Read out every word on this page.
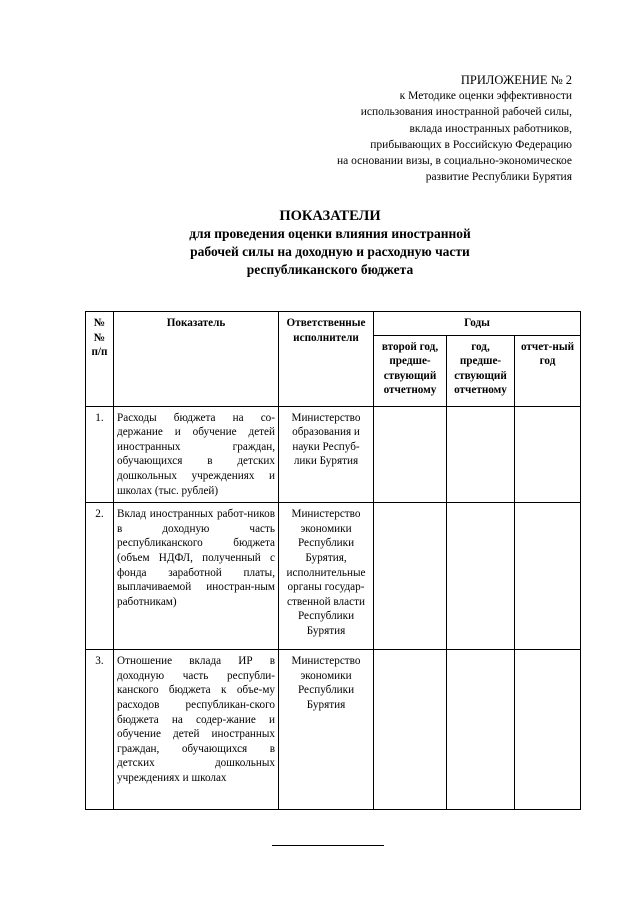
ПРИЛОЖЕНИЕ № 2
к Методике оценки эффективности
использования иностранной рабочей силы,
вклада иностранных работников,
прибывающих в Российскую Федерацию
на основании визы, в социально-экономическое
развитие Республики Бурятия
ПОКАЗАТЕЛИ
для проведения оценки влияния иностранной
рабочей силы на доходную и расходную части
республиканского бюджета
№№ п/п	Показатель	Ответственные исполнители	Годы		
			второй год, предше-ствующий отчетному	год, предше-ствующий отчетному	отчет-ный год
1.	Расходы бюджета на со-держание и обучение детей иностранных граждан, обучающихся в детских дошкольных учреждениях и школах (тыс. рублей)	Министерство образования и науки Респуб-лики Бурятия			
2.	Вклад иностранных работ-ников в доходную часть республиканского бюджета (объем НДФЛ, полученный с фонда заработной платы, выплачиваемой иностран-ным работникам)	Министерство экономики Республики Бурятия, исполнительные органы государ-ственной власти Республики Бурятия			
3.	Отношение вклада ИР в доходную часть республи-канского бюджета к объе-му расходов республикан-ского бюджета на содер-жание и обучение детей иностранных граждан, обучающихся в детских дошкольных учреждениях и школах	Министерство экономики Республики Бурятия			
